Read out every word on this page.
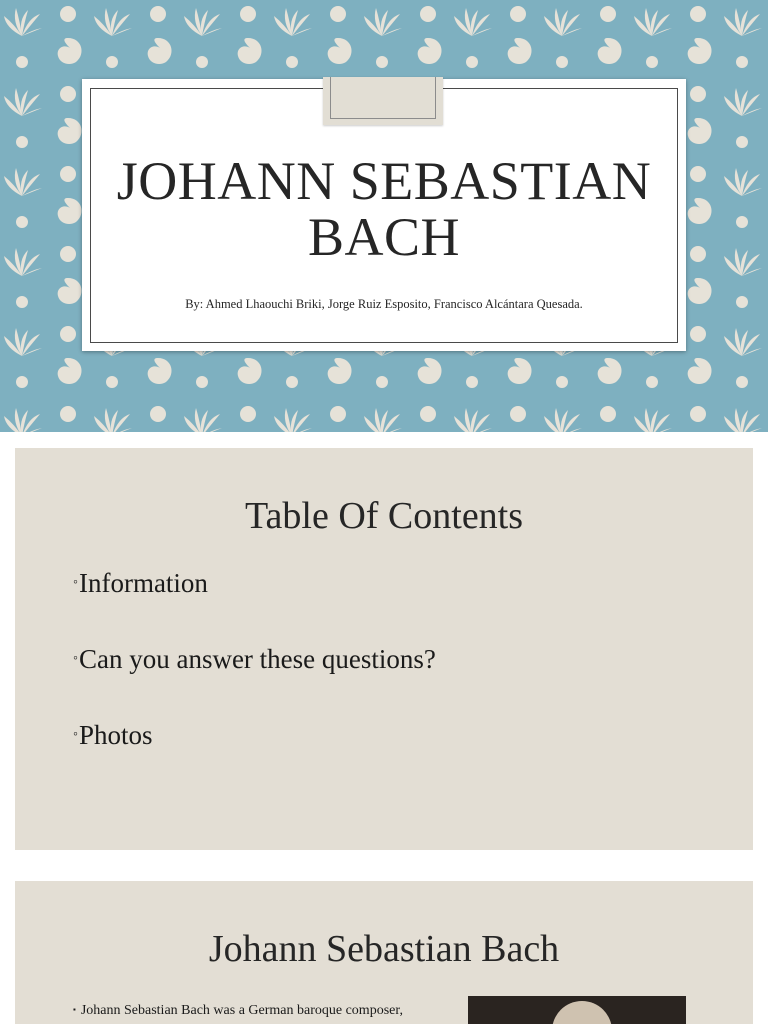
JOHANN SEBASTIAN
BACH
By: Ahmed Lhaouchi Briki, Jorge Ruiz Esposito, Francisco Alcántara Quesada.
Table Of Contents
◦Information
◦Can you answer these questions?
◦Photos
Johann Sebastian Bach
▪ Johann Sebastian Bach was a German baroque composer,
